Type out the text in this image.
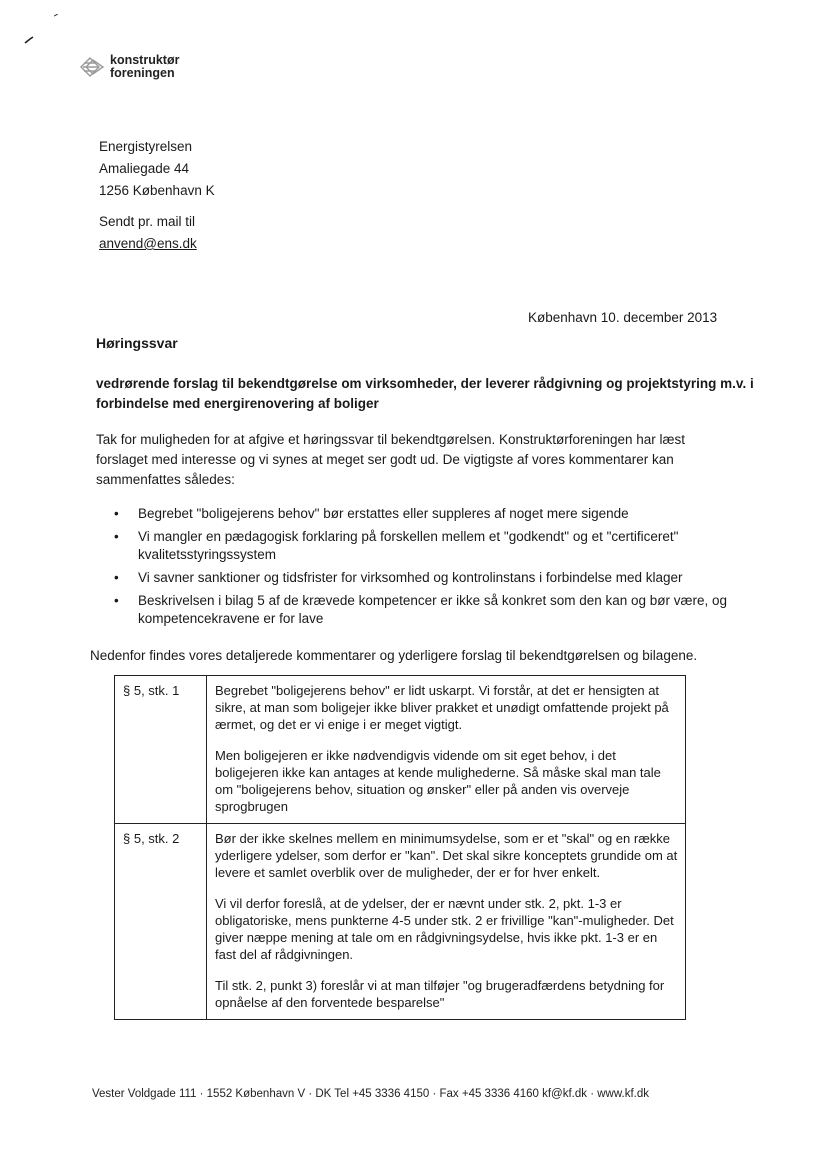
konstruktør
foreningen
Energistyrelsen
Amaliegade 44
1256 København K
Sendt pr. mail til
anvend@ens.dk
København 10. december 2013
Høringssvar
vedrørende forslag til bekendtgørelse om virksomheder, der leverer rådgivning og projektstyring m.v. i forbindelse med energirenovering af boliger
Tak for muligheden for at afgive et høringssvar til bekendtgørelsen. Konstruktørforeningen har læst forslaget med interesse og vi synes at meget ser godt ud. De vigtigste af vores kommentarer kan sammenfattes således:
• Begrebet "boligejerens behov" bør erstattes eller suppleres af noget mere sigende
• Vi mangler en pædagogisk forklaring på forskellen mellem et "godkendt" og et "certificeret" kvalitetsstyringssystem
• Vi savner sanktioner og tidsfrister for virksomhed og kontrolinstans i forbindelse med klager
• Beskrivelsen i bilag 5 af de krævede kompetencer er ikke så konkret som den kan og bør være, og kompetencekravene er for lave
Nedenfor findes vores detaljerede kommentarer og yderligere forslag til bekendtgørelsen og bilagene.
§ 5, stk. 1	Begrebet "boligejerens behov" er lidt uskarpt. Vi forstår, at det er hensigten at sikre, at man som boligejer ikke bliver prakket et unødigt omfattende projekt på ærmet, og det er vi enige i er meget vigtigt.

Men boligejeren er ikke nødvendigvis vidende om sit eget behov, i det boligejeren ikke kan antages at kende mulighederne. Så måske skal man tale om "boligejerens behov, situation og ønsker" eller på anden vis overveje sprogbrugen

§ 5, stk. 2	Bør der ikke skelnes mellem en minimumsydelse, som er et "skal" og en række yderligere ydelser, som derfor er "kan". Det skal sikre konceptets grundide om at levere et samlet overblik over de muligheder, der er for hver enkelt.

Vi vil derfor foreslå, at de ydelser, der er nævnt under stk. 2, pkt. 1-3 er obligatoriske, mens punkterne 4-5 under stk. 2 er frivillige "kan"-muligheder. Det giver næppe mening at tale om en rådgivningsydelse, hvis ikke pkt. 1-3 er en fast del af rådgivningen.

Til stk. 2, punkt 3) foreslår vi at man tilføjer "og brugeradfærdens betydning for opnåelse af den forventede besparelse"

Vester Voldgade 111 · 1552 København V · DK Tel +45 3336 4150 · Fax +45 3336 4160 kf@kf.dk · www.kf.dk
